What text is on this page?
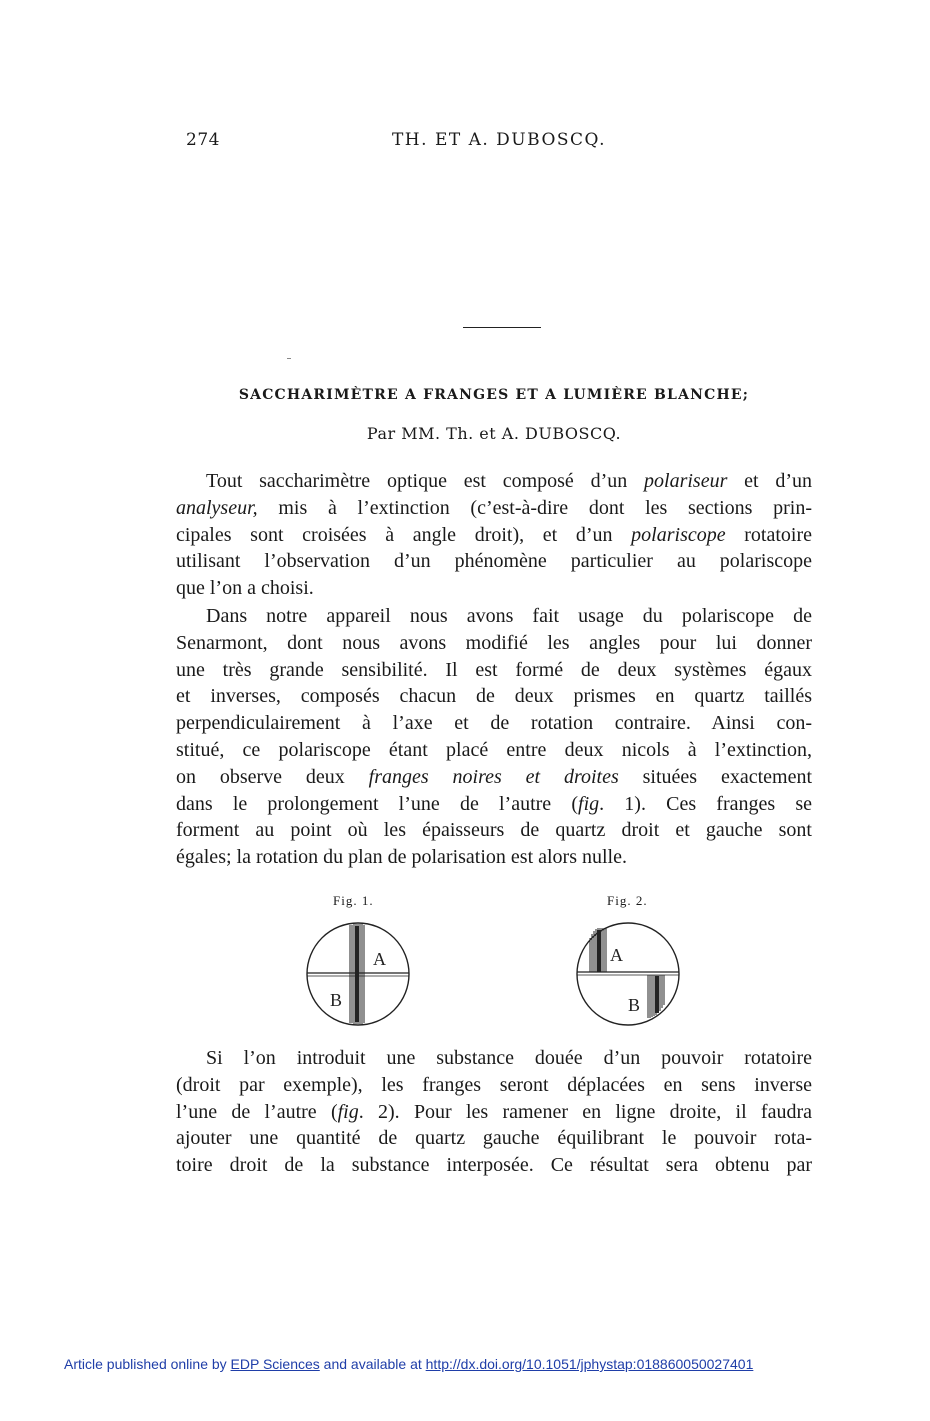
274	TH. ET A. DUBOSCQ.
SACCHARIMÈTRE A FRANGES ET A LUMIÈRE BLANCHE;
Par MM. Th. et A. DUBOSCQ.
Tout saccharimètre optique est composé d’un polariseur et d’un
analyseur, mis à l’extinction (c’est-à-dire dont les sections prin-
cipales sont croisées à angle droit), et d’un polariscope rotatoire
utilisant l’observation d’un phénomène particulier au polariscope
que l’on a choisi.
Dans notre appareil nous avons fait usage du polariscope de
Senarmont, dont nous avons modifié les angles pour lui donner
une très grande sensibilité. Il est formé de deux systèmes égaux
et inverses, composés chacun de deux prismes en quartz taillés
perpendiculairement à l’axe et de rotation contraire. Ainsi con-
stitué, ce polariscope étant placé entre deux nicols à l’extinction,
on observe deux franges noires et droites situées exactement
dans le prolongement l’une de l’autre (fig. 1). Ces franges se
forment au point où les épaisseurs de quartz droit et gauche sont
égales; la rotation du plan de polarisation est alors nulle.
Fig. 1.
A
B
Fig. 2.
A
B
Si l’on introduit une substance douée d’un pouvoir rotatoire
(droit par exemple), les franges seront déplacées en sens inverse
l’une de l’autre (fig. 2). Pour les ramener en ligne droite, il faudra
ajouter une quantité de quartz gauche équilibrant le pouvoir rota-
toire droit de la substance interposée. Ce résultat sera obtenu par
Article published online by EDP Sciences and available at http://dx.doi.org/10.1051/jphystap:018860050027401
